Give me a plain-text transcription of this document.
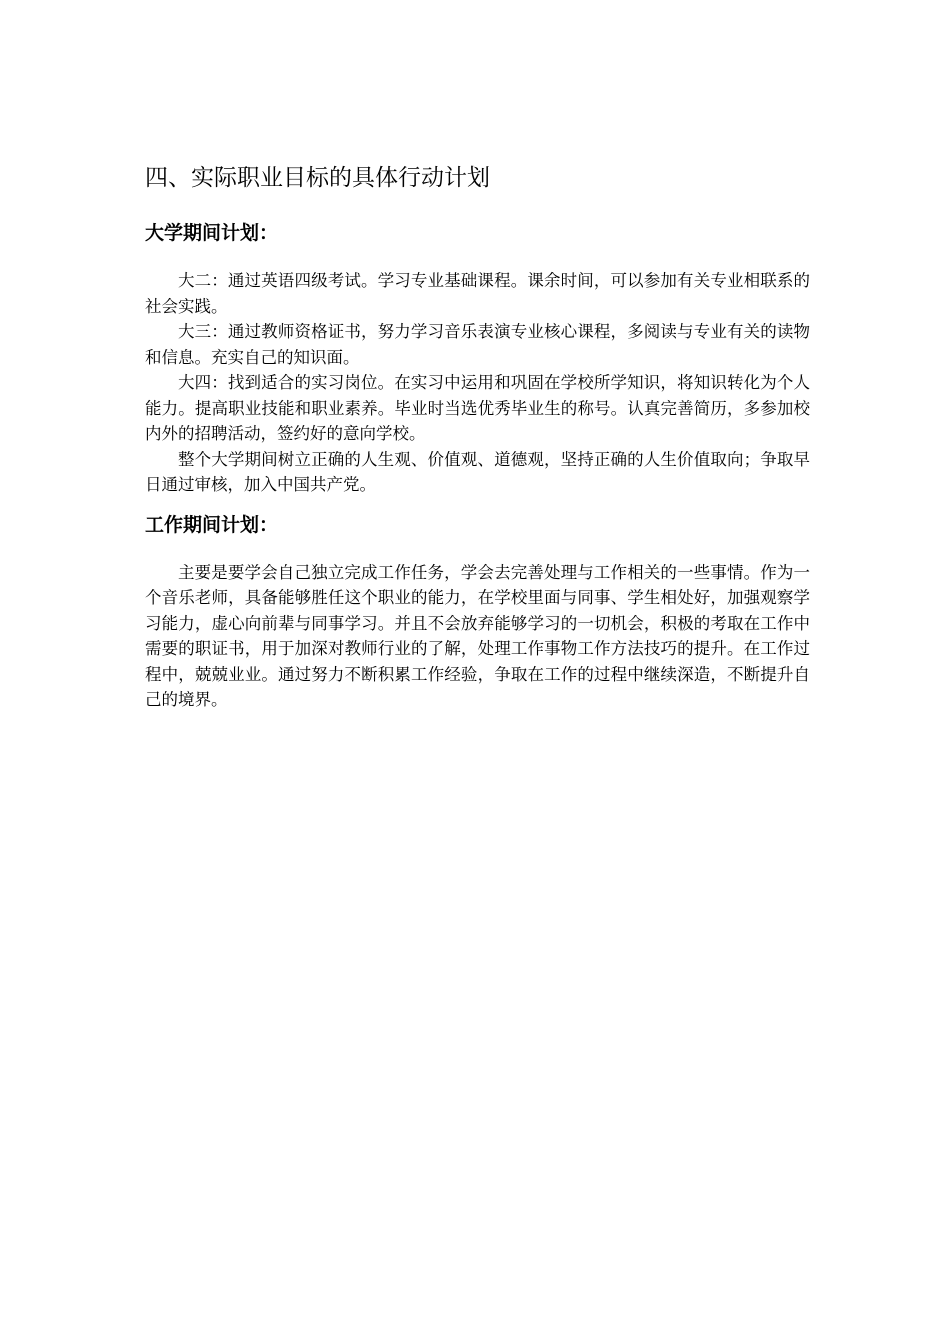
四、实际职业目标的具体行动计划
大学期间计划：

大二：通过英语四级考试。学习专业基础课程。课余时间，可以参加有关专业相联系的社会实践。

大三：通过教师资格证书，努力学习音乐表演专业核心课程，多阅读与专业有关的读物和信息。充实自己的知识面。

大四：找到适合的实习岗位。在实习中运用和巩固在学校所学知识，将知识转化为个人能力。提高职业技能和职业素养。毕业时当选优秀毕业生的称号。认真完善简历，多参加校内外的招聘活动，签约好的意向学校。

整个大学期间树立正确的人生观、价值观、道德观，坚持正确的人生价值取向；争取早日通过审核，加入中国共产党。

工作期间计划：

主要是要学会自己独立完成工作任务，学会去完善处理与工作相关的一些事情。作为一个音乐老师，具备能够胜任这个职业的能力，在学校里面与同事、学生相处好，加强观察学习能力，虚心向前辈与同事学习。并且不会放弃能够学习的一切机会，积极的考取在工作中需要的职证书，用于加深对教师行业的了解，处理工作事物工作方法技巧的提升。在工作过程中，兢兢业业。通过努力不断积累工作经验，争取在工作的过程中继续深造，不断提升自己的境界。
